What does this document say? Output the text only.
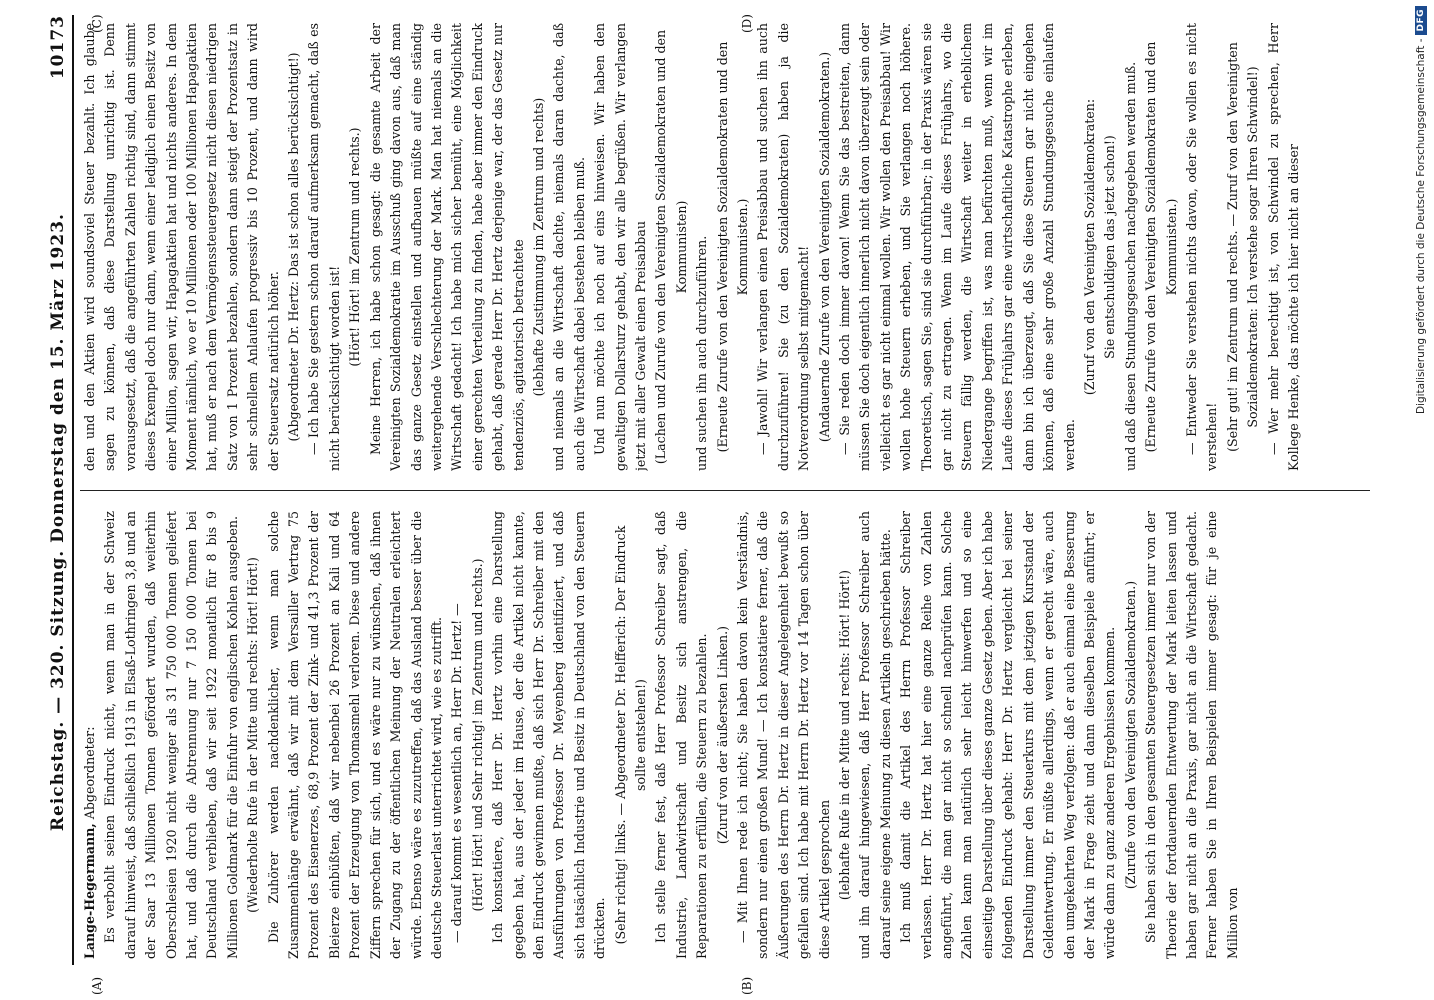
Reichstag. — 320. Sitzung. Donnerstag den 15. März 1923.
10173
(A)	(B)
(C)	(D)

Lange-Hegermann, Abgeordneter: Es verbohlt seinen Eindruck nicht, wenn man in der Schweiz darauf hinweist, daß schließlich 1913 in Elsaß-Lothringen 3,8 und an der Saar 13 Millionen Tonnen gefördert wurden, daß weiterhin Oberschlesien 1920 nicht weniger als 31 750 000 Tonnen geliefert hat, und daß durch die Abtrennung nur 7 150 000 Tonnen bei Deutschland verblieben, daß wir seit 1922 monatlich für 8 bis 9 Millionen Goldmark für die Einfuhr von englischen Kohlen ausgeben. (Wiederholte Rufe in der Mitte und rechts: Hört! Hört!) Die Zuhörer werden nachdenklicher, wenn man solche Zusammenhänge erwähnt, daß wir mit dem Versailler Vertrag 75 Prozent des Eisenerzes, 68,9 Prozent der Zink- und 41,3 Prozent der Bleierze einbüßten, daß wir nebenbei 26 Prozent an Kali und 64 Prozent der Erzeugung von Thomasmehl verloren. Diese und andere Ziffern sprechen für sich, und es wäre nur zu wünschen, daß ihnen der Zugang zu der öffentlichen Meinung der Neutralen erleichtert würde. Ebenso wäre es zuzutreffen, daß das Ausland besser über die deutsche Steuerlast unterrichtet wird, wie es zutrifft. — darauf kommt es wesentlich an, Herr Dr. Hertz! — (Hört! Hört! und Sehr richtig! im Zentrum und rechts.) Ich konstatiere, daß Herr Dr. Hertz vorhin eine Darstellung gegeben hat, aus der jeder im Hause, der die Artikel nicht kannte, den Eindruck gewinnen mußte, daß sich Herr Dr. Schreiber mit den Ausführungen von Professor Dr. Meyenberg identifiziert, und daß sich tatsächlich Industrie und Besitz in Deutschland von den Steuern drückten. (Sehr richtig! links. — Abgeordneter Dr. Helfferich: Der Eindruck sollte entstehen!) Ich stelle ferner fest, daß Herr Professor Schreiber sagt, daß Industrie, Landwirtschaft und Besitz sich anstrengen, die Reparationen zu erfüllen, die Steuern zu bezahlen. (Zuruf von der äußersten Linken.) — Mit Ihnen rede ich nicht; Sie haben davon kein Verständnis, sondern nur einen großen Mund! — Ich konstatiere ferner, daß die Äußerungen des Herrn Dr. Hertz in dieser Angelegenheit bewußt so gefallen sind. Ich habe mit Herrn Dr. Hertz vor 14 Tagen schon über diese Artikel gesprochen (lebhafte Rufe in der Mitte und rechts: Hört! Hört!) und ihn darauf hingewiesen, daß Herr Professor Schreiber auch darauf seine eigene Meinung zu diesen Artikeln geschrieben hätte. Ich muß damit die Artikel des Herrn Professor Schreiber verlassen. Herr Dr. Hertz hat hier eine ganze Reihe von Zahlen angeführt, die man gar nicht so schnell nachprüfen kann. Solche Zahlen kann man natürlich sehr leicht hinwerfen und so eine einseitige Darstellung über dieses ganze Gesetz geben. Aber ich habe folgenden Eindruck gehabt: Herr Dr. Hertz vergleicht bei seiner Darstellung immer den Steuerkurs mit dem jetzigen Kursstand der Geldentwertung. Er müßte allerdings, wenn er gerecht wäre, auch den umgekehrten Weg verfolgen: daß er auch einmal eine Besserung der Mark in Frage zieht und dann dieselben Beispiele anführt; er würde dann zu ganz anderen Ergebnissen kommen. (Zurufe von den Vereinigten Sozialdemokraten.) Sie haben sich in den gesamten Steuergesetzen immer nur von der Theorie der fortdauernden Entwertung der Mark leiten lassen und haben gar nicht an die Praxis, gar nicht an die Wirtschaft gedacht. Ferner haben Sie in Ihren Beispielen immer gesagt: für je eine Million von

den und den Aktien wird soundsoviel Steuer bezahlt. Ich glaube sagen zu können, daß diese Darstellung unrichtig ist. Denn vorausgesetzt, daß die angeführten Zahlen richtig sind, dann stimmt dieses Exempel doch nur dann, wenn einer lediglich einen Besitz von einer Million, sagen wir, Hapagaktien hat und nichts anderes. In dem Moment nämlich, wo er 10 Millionen oder 100 Millionen Hapagaktien hat, muß er nach dem Vermögenssteuergesetz nicht diesen niedrigen Satz von 1 Prozent bezahlen, sondern dann steigt der Prozentsatz in sehr schnellem Anlaufen progressiv bis 10 Prozent, und dann wird der Steuersatz natürlich höher. (Abgeordneter Dr. Hertz: Das ist schon alles berücksichtigt!) — Ich habe Sie gestern schon darauf aufmerksam gemacht, daß es nicht berücksichtigt worden ist!

(Hört! Hört! im Zentrum und rechts.) Meine Herren, ich habe schon gesagt: die gesamte Arbeit der Vereinigten Sozialdemokratie im Ausschuß ging davon aus, daß man das ganze Gesetz einstellen und aufbauen müßte auf eine ständig weitergehende Verschlechterung der Mark. Man hat niemals an die Wirtschaft gedacht! Ich habe mich sicher bemüht, eine Möglichkeit einer gerechten Verteilung zu finden, habe aber immer den Eindruck gehabt, daß gerade Herr Dr. Hertz derjenige war, der das Gesetz nur tendenziös, agitatorisch betrachtete (lebhafte Zustimmung im Zentrum und rechts) und niemals an die Wirtschaft dachte, niemals daran dachte, daß auch die Wirtschaft dabei bestehen bleiben muß. Und nun möchte ich noch auf eins hinweisen. Wir haben den gewaltigen Dollarsturz gehabt, den wir alle begrüßen. Wir verlangen jetzt mit aller Gewalt einen Preisabbau (Lachen und Zurufe von den Vereinigten Sozialdemokraten und den Kommunisten) und suchen ihn auch durchzuführen. (Erneute Zurufe von den Vereinigten Sozialdemokraten und den Kommunisten.) — Jawohl! Wir verlangen einen Preisabbau und suchen ihn auch durchzuführen! Sie (zu den Sozialdemokraten) haben ja die Notverordnung selbst mitgemacht! (Andauernde Zurufe von den Vereinigten Sozialdemokraten.) — Sie reden doch immer davon! Wenn Sie das bestreiten, dann müssen Sie doch eigentlich innerlich nicht davon überzeugt sein oder vielleicht es gar nicht einmal wollen. Wir wollen den Preisabbau! Wir wollen hohe Steuern erheben, und Sie verlangen noch höhere. Theoretisch, sagen Sie, sind sie durchführbar; in der Praxis wären sie gar nicht zu ertragen. Wenn im Laufe dieses Frühjahrs, wo die Steuern fällig werden, die Wirtschaft weiter in erheblichem Niedergange begriffen ist, was man befürchten muß, wenn wir im Laufe dieses Frühjahrs gar eine wirtschaftliche Katastrophe erleben, dann bin ich überzeugt, daß Sie diese Steuern gar nicht eingehen können, daß eine sehr große Anzahl Stundungsgesuche einlaufen werden.

(Zuruf von den Vereinigten Sozialdemokraten: Sie entschuldigen das jetzt schon!) und daß diesen Stundungsgesuchen nachgegeben werden muß. (Erneute Zurufe von den Vereinigten Sozialdemokraten und den Kommunisten.) — Entweder Sie verstehen nichts davon, oder Sie wollen es nicht verstehen! (Sehr gut! im Zentrum und rechts. — Zuruf von den Vereinigten Sozialdemokraten: Ich verstehe sogar Ihren Schwindel!) — Wer mehr berechtigt ist, von Schwindel zu sprechen, Herr Kollege Henke, das möchte ich hier nicht an dieser	Digitalisierung gefördert durch die Deutsche Forschungsgemeinschaft -
DFG
